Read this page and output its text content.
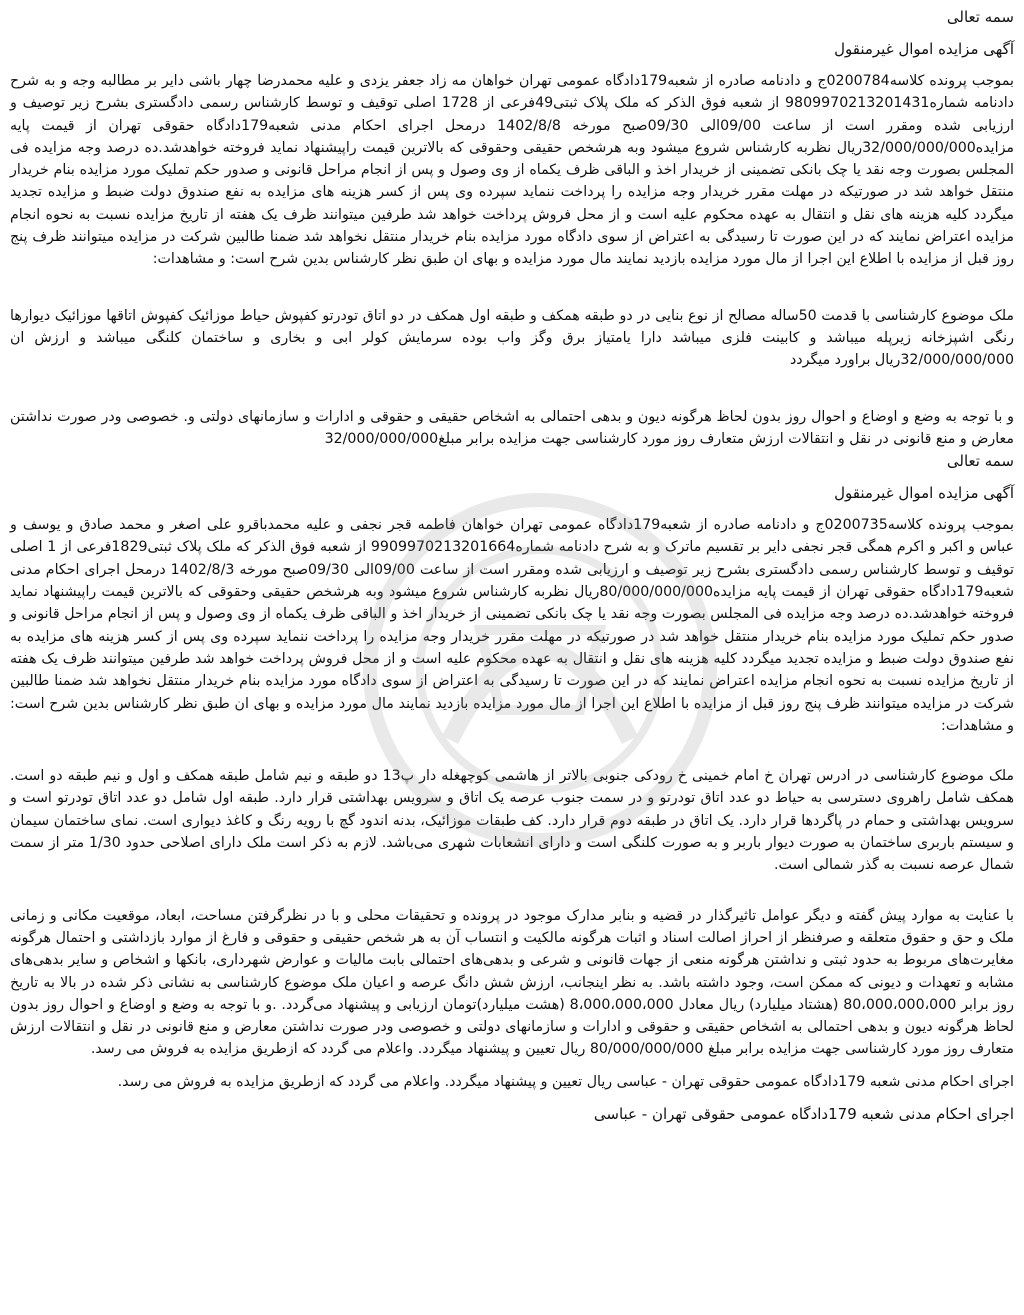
سمه تعالی
آگهی مزایده اموال غیرمنقول

بموجب پرونده کلاسه0200784ج و دادنامه صادره از شعبه179دادگاه عمومی تهران خواهان مه زاد جعفر یزدی و علیه محمدرضا چهار باشی دایر بر مطالبه وجه و به شرح دادنامه شماره9809970213201431 از شعبه فوق الذکر که ملک پلاک ثبتی49فرعی از 1728 اصلی توقیف و توسط کارشناس رسمی دادگستری بشرح زیر توصیف و ارزیابی شده ومقرر است از ساعت 09/00الی 09/30صبح مورخه 1402/8/8 درمحل اجرای احکام مدنی شعبه179دادگاه حقوقی تهران از قیمت پایه مزایده32/000/000/000ریال نظربه کارشناس شروع میشود وبه هرشخص حقیقی وحقوقی که بالاترین قیمت راپیشنهاد نماید فروخته خواهدشد.ده درصد وجه مزایده فی المجلس بصورت وجه نقد یا چک بانکی تضمینی از خریدار اخذ و الباقی ظرف یکماه از وی وصول و پس از انجام مراحل قانونی و صدور حکم تملیک مورد مزایده بنام خریدار منتقل خواهد شد در صورتیکه در مهلت مقرر خریدار وجه مزایده را پرداخت ننماید سپرده وی پس از کسر هزینه های مزایده به نفع صندوق دولت ضبط و مزایده تجدید میگردد کلیه هزینه های نقل و انتقال به عهده محکوم علیه است و از محل فروش پرداخت خواهد شد طرفین میتوانند ظرف یک هفته از تاریخ مزایده نسبت به نحوه انجام مزایده اعتراض نمایند که در این صورت تا رسیدگی به اعتراض از سوی دادگاه مورد مزایده بنام خریدار منتقل نخواهد شد ضمنا طالبین شرکت در مزایده میتوانند ظرف پنج روز قبل از مزایده با اطلاع این اجرا از مال مورد مزایده بازدید نمایند مال مورد مزایده و بهای ان طبق نظر کارشناس بدین شرح است: و مشاهدات:

ملک موضوع کارشناسی با قدمت 50ساله مصالح از نوع بنایی در دو طبقه همکف و طبقه اول همکف در دو اتاق تودرتو کفپوش حیاط موزائیک کفپوش اتاقها موزائیک دیوارها رنگی اشپزخانه زیرپله میباشد و کابینت فلزی میباشد دارا یامتیاز برق وگز واب بوده سرمایش کولر ابی و بخاری و ساختمان کلنگی میباشد و ارزش ان 32/000/000/000ریال براورد میگردد

و با توجه به وضع و اوضاع و احوال روز بدون لحاظ هرگونه دیون و بدهی احتمالی به اشخاص حقیقی و حقوقی و ادارات و سازمانهای دولتی و. خصوصی ودر صورت نداشتن معارض و منع قانونی در نقل و انتقالات ارزش متعارف روز مورد کارشناسی جهت مزایده برابر مبلغ32/000/000/000

سمه تعالی
آگهی مزایده اموال غیرمنقول

بموجب پرونده کلاسه0200735ج و دادنامه صادره از شعبه179دادگاه عمومی تهران خواهان فاطمه قجر نجفی و علیه محمدباقرو علی اصغر و محمد صادق و یوسف و عباس و اکبر و اکرم همگی قجر نجفی دایر بر تقسیم ماترک و به شرح دادنامه شماره9909970213201664 از شعبه فوق الذکر که ملک پلاک ثبتی1829فرعی از 1 اصلی توقیف و توسط کارشناس رسمی دادگستری بشرح زیر توصیف و ارزیابی شده ومقرر است از ساعت 09/00الی 09/30صبح مورخه 1402/8/3 درمحل اجرای احکام مدنی شعبه179دادگاه حقوقی تهران از قیمت پایه مزایده80/000/000/000ریال نظربه کارشناس شروع میشود وبه هرشخص حقیقی وحقوقی که بالاترین قیمت راپیشنهاد نماید فروخته خواهدشد.ده درصد وجه مزایده فی المجلس بصورت وجه نقد یا چک بانکی تضمینی از خریدار اخذ و الباقی ظرف یکماه از وی وصول و پس از انجام مراحل قانونی و صدور حکم تملیک مورد مزایده بنام خریدار منتقل خواهد شد در صورتیکه در مهلت مقرر خریدار وجه مزایده را پرداخت ننماید سپرده وی پس از کسر هزینه های مزایده به نفع صندوق دولت ضبط و مزایده تجدید میگردد کلیه هزینه های نقل و انتقال به عهده محکوم علیه است و از محل فروش پرداخت خواهد شد طرفین میتوانند ظرف یک هفته از تاریخ مزایده نسبت به نحوه انجام مزایده اعتراض نمایند که در این صورت تا رسیدگی به اعتراض از سوی دادگاه مورد مزایده بنام خریدار منتقل نخواهد شد ضمنا طالبین شرکت در مزایده میتوانند ظرف پنج روز قبل از مزایده با اطلاع این اجرا از مال مورد مزایده بازدید نمایند مال مورد مزایده و بهای ان طبق نظر کارشناس بدین شرح است: و مشاهدات:

ملک موضوع کارشناسی در ادرس تهران خ امام خمینی خ رودکی جنوبی بالاتر از هاشمی کوچهغله دار پ13 دو طبقه و نیم شامل طبقه همکف و اول و نیم طبقه دو است. همکف شامل راهروی دسترسی به حیاط دو عدد اتاق تودرتو و در سمت جنوب عرصه یک اتاق و سرویس بهداشتی قرار دارد. طبقه اول شامل دو عدد اتاق تودرتو است و سرویس بهداشتی و حمام در پاگردها قرار دارد. یک اتاق در طبقه دوم قرار دارد. کف طبقات موزائیک، بدنه اندود گچ با رویه رنگ و کاغذ دیواری است. نمای ساختمان سیمان و سیستم باربری ساختمان به صورت دیوار باربر و به صورت کلنگی است و دارای انشعابات شهری می‌باشد. لازم به ذکر است ملک دارای اصلاحی حدود 1/30 متر از سمت شمال عرصه نسبت به گذر شمالی است.

با عنایت به موارد پیش گفته و دیگر عوامل تاثیرگذار در قضیه و بنابر مدارک موجود در پرونده و تحقیقات محلی و با در نظرگرفتن مساحت، ابعاد، موقعیت مکانی و زمانی ملک و حق و حقوق متعلقه و صرفنظر از احراز اصالت اسناد و اثبات هرگونه مالکیت و انتساب آن به هر شخص حقیقی و حقوقی و فارغ از موارد بازداشتی و احتمال هرگونه مغایرت‌های مربوط به حدود ثبتی و نداشتن هرگونه منعی از جهات قانونی و شرعی و بدهی‌های احتمالی بابت مالیات و عوارض شهرداری، بانکها و اشخاص و سایر بدهی‌های مشابه و تعهدات و دیونی که ممکن است، وجود داشته باشد. به نظر اینجانب، ارزش شش دانگ عرصه و اعیان ملک موضوع کارشناسی به نشانی ذکر شده در بالا به تاریخ روز برابر 80،000،000،000 (هشتاد میلیارد) ریال معادل 8،000،000،000 (هشت میلیارد)تومان ارزیابی و پیشنهاد می‌گردد. .و با توجه به وضع و اوضاع و احوال روز بدون لحاظ هرگونه دیون و بدهی احتمالی به اشخاص حقیقی و حقوقی و ادارات و سازمانهای دولتی و خصوصی ودر صورت نداشتن معارض و منع قانونی در نقل و انتقالات ارزش متعارف روز مورد کارشناسی جهت مزایده برابر مبلغ 80/000/000/000 ریال تعیین و پیشنهاد میگردد. واعلام می گردد که ازطریق مزایده به فروش می رسد.

اجرای احکام مدنی شعبه 179دادگاه عمومی حقوقی تهران - عباسی ریال تعیین و پیشنهاد میگردد. واعلام می گردد که ازطریق مزایده به فروش می رسد.

اجرای احکام مدنی شعبه 179دادگاه عمومی حقوقی تهران - عباسی
